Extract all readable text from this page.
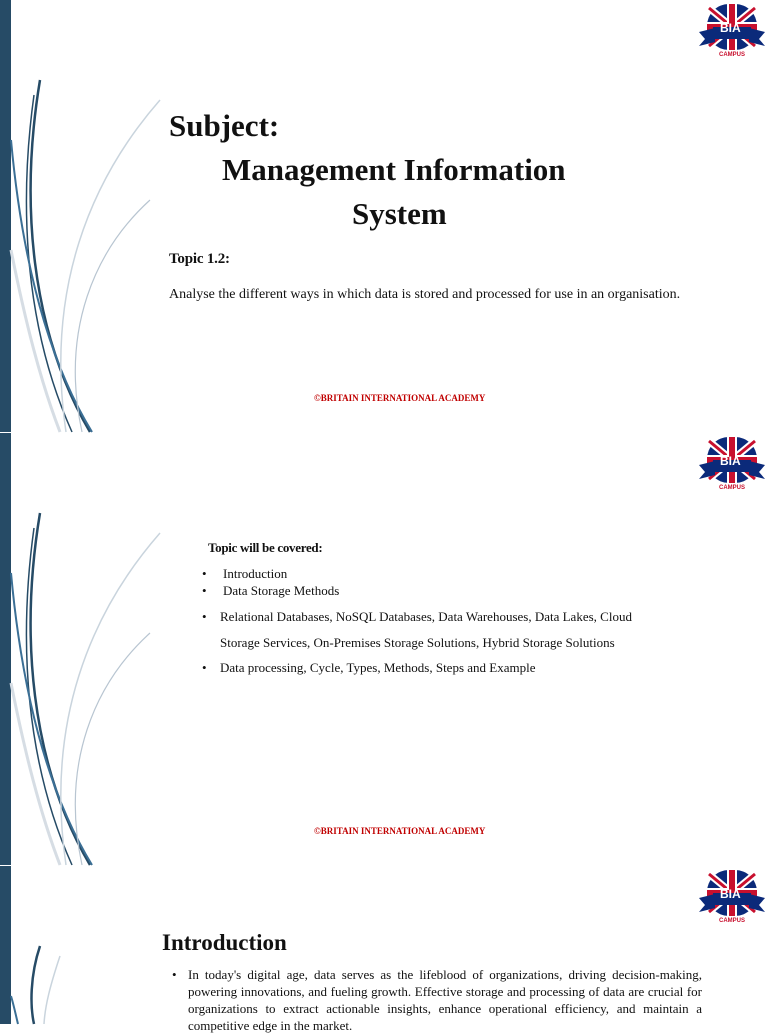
BIA
CAMPUS
Subject:
Management Information
System
Topic 1.2:
Analyse the different ways in which data is stored and processed for use in an organisation.
©BRITAIN INTERNATIONAL ACADEMY
BIA
CAMPUS
Topic will be covered:
• Introduction
• Data Storage Methods
• Relational Databases, NoSQL Databases, Data Warehouses, Data Lakes, Cloud
Storage Services, On-Premises Storage Solutions, Hybrid Storage Solutions
• Data processing, Cycle, Types, Methods, Steps and Example
©BRITAIN INTERNATIONAL ACADEMY
BIA
CAMPUS
Introduction
• In today's digital age, data serves as the lifeblood of organizations, driving decision-making, powering innovations, and fueling growth. Effective storage and processing of data are crucial for organizations to extract actionable insights, enhance operational efficiency, and maintain a competitive edge in the market.
